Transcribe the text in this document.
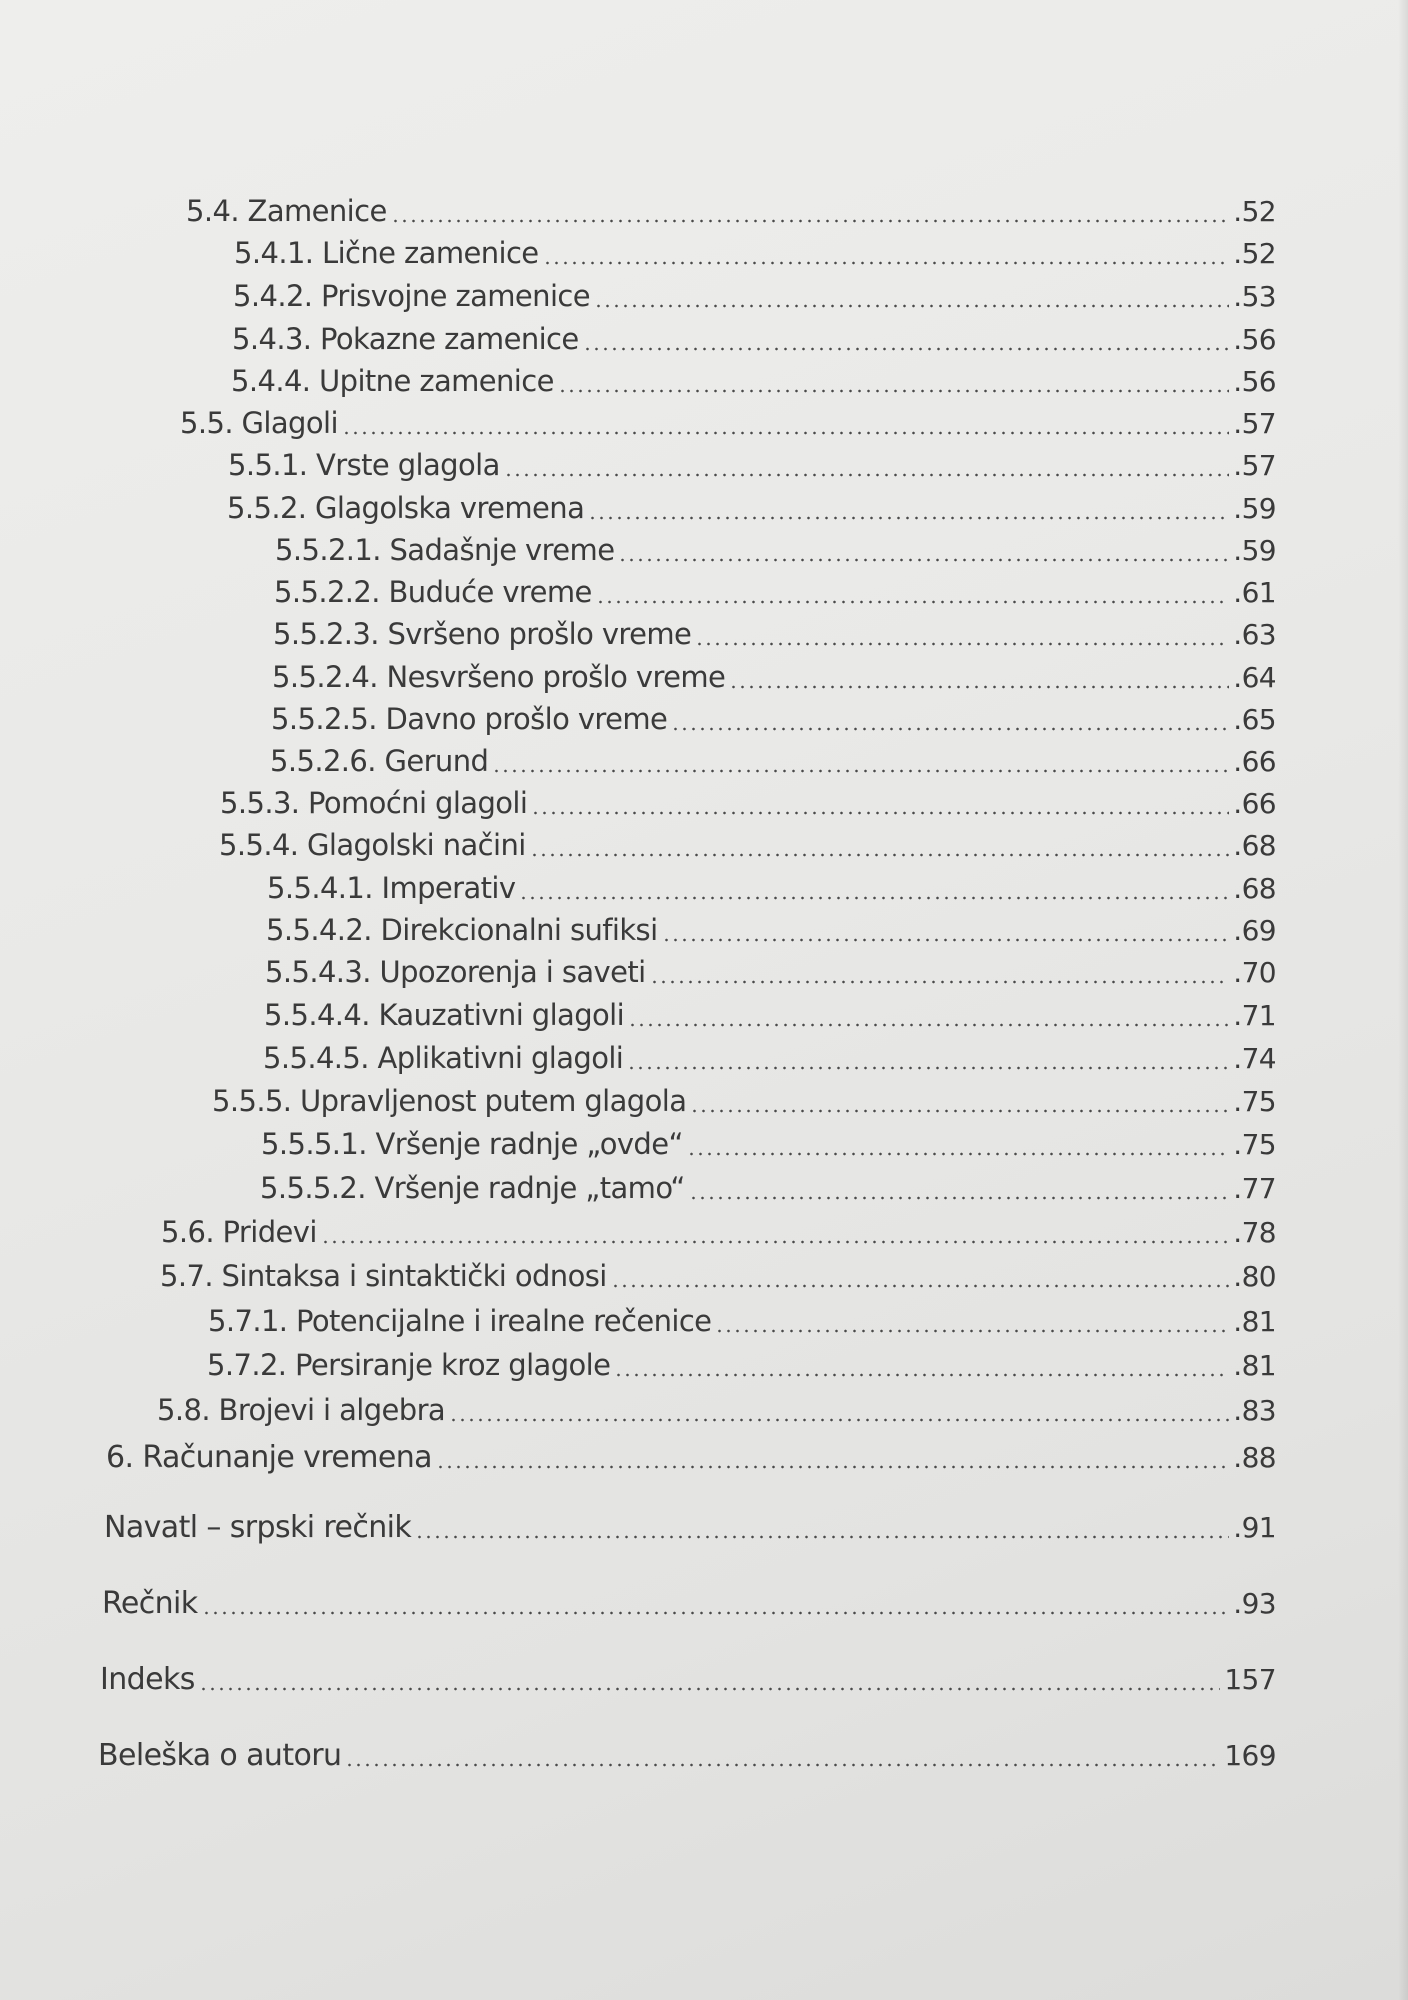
5.4. Zamenice	.52
5.4.1. Lične zamenice	.52
5.4.2. Prisvojne zamenice	.53
5.4.3. Pokazne zamenice	.56
5.4.4. Upitne zamenice	.56
5.5. Glagoli	.57
5.5.1. Vrste glagola	.57
5.5.2. Glagolska vremena	.59
5.5.2.1. Sadašnje vreme	.59
5.5.2.2. Buduće vreme	.61
5.5.2.3. Svršeno prošlo vreme	.63
5.5.2.4. Nesvršeno prošlo vreme	.64
5.5.2.5. Davno prošlo vreme	.65
5.5.2.6. Gerund	.66
5.5.3. Pomoćni glagoli	.66
5.5.4. Glagolski načini	.68
5.5.4.1. Imperativ	.68
5.5.4.2. Direkcionalni sufiksi	.69
5.5.4.3. Upozorenja i saveti	.70
5.5.4.4. Kauzativni glagoli	.71
5.5.4.5. Aplikativni glagoli	.74
5.5.5. Upravljenost putem glagola	.75
5.5.5.1. Vršenje radnje „ovde“	.75
5.5.5.2. Vršenje radnje „tamo“	.77
5.6. Pridevi	.78
5.7. Sintaksa i sintaktički odnosi	.80
5.7.1. Potencijalne i irealne rečenice	.81
5.7.2. Persiranje kroz glagole	.81
5.8. Brojevi i algebra	.83
6. Računanje vremena	.88
Navatl – srpski rečnik	.91
Rečnik	.93
Indeks	157
Beleška o autoru	169
